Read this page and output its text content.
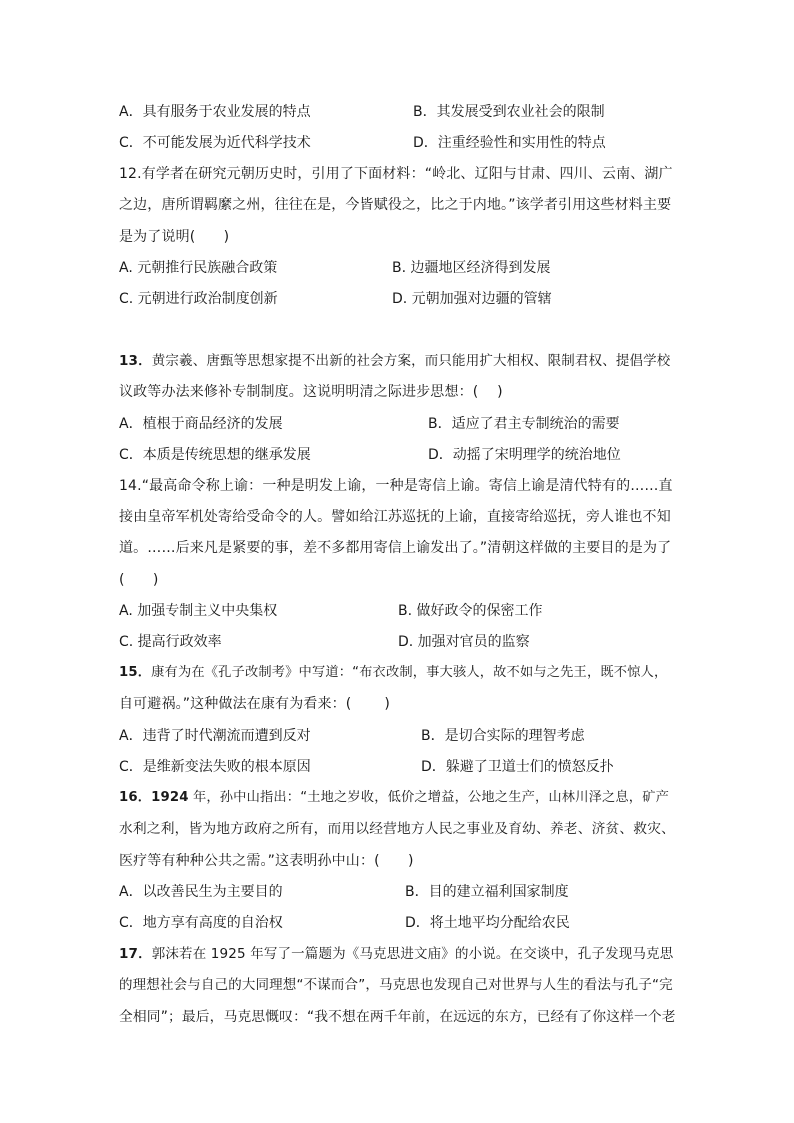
A．具有服务于农业发展的特点	B．其发展受到农业社会的限制
C．不可能发展为近代科学技术	D．注重经验性和实用性的特点
12.有学者在研究元朝历史时，引用了下面材料：“岭北、辽阳与甘肃、四川、云南、湖广
之边，唐所谓羁縻之州，往往在是，今皆赋役之，比之于内地。”该学者引用这些材料主要
是为了说明(　　)
A. 元朝推行民族融合政策	B. 边疆地区经济得到发展
C. 元朝进行政治制度创新	D. 元朝加强对边疆的管辖
13．黄宗羲、唐甄等思想家提不出新的社会方案，而只能用扩大相权、限制君权、提倡学校
议政等办法来修补专制制度。这说明明清之际进步思想：(　 )
A．植根于商品经济的发展	B．适应了君主专制统治的需要
C．本质是传统思想的继承发展	D．动摇了宋明理学的统治地位
14.“最高命令称上谕：一种是明发上谕，一种是寄信上谕。寄信上谕是清代特有的……直
接由皇帝军机处寄给受命令的人。譬如给江苏巡抚的上谕，直接寄给巡抚，旁人谁也不知
道。……后来凡是紧要的事，差不多都用寄信上谕发出了。”清朝这样做的主要目的是为了
(　　)
A. 加强专制主义中央集权	B. 做好政令的保密工作
C. 提高行政效率	D. 加强对官员的监察
15．康有为在《孔子改制考》中写道：“布衣改制，事大骇人，故不如与之先王，既不惊人，
自可避祸。”这种做法在康有为看来：(　　 )
A．违背了时代潮流而遭到反对	B．是切合实际的理智考虑
C．是维新变法失败的根本原因	D．躲避了卫道士们的愤怒反扑
16．1924 年，孙中山指出：“土地之岁收，低价之增益，公地之生产，山林川泽之息，矿产
水利之利，皆为地方政府之所有，而用以经营地方人民之事业及育幼、养老、济贫、救灾、
医疗等有种种公共之需。”这表明孙中山：(　　)
A．以改善民生为主要目的	B．目的建立福利国家制度
C．地方享有高度的自治权	D．将土地平均分配给农民
17．郭沫若在 1925 年写了一篇题为《马克思进文庙》的小说。在交谈中，孔子发现马克思
的理想社会与自己的大同理想“不谋而合”，马克思也发现自己对世界与人生的看法与孔子“完
全相同”；最后，马克思慨叹：“我不想在两千年前，在远远的东方，已经有了你这样一个老
